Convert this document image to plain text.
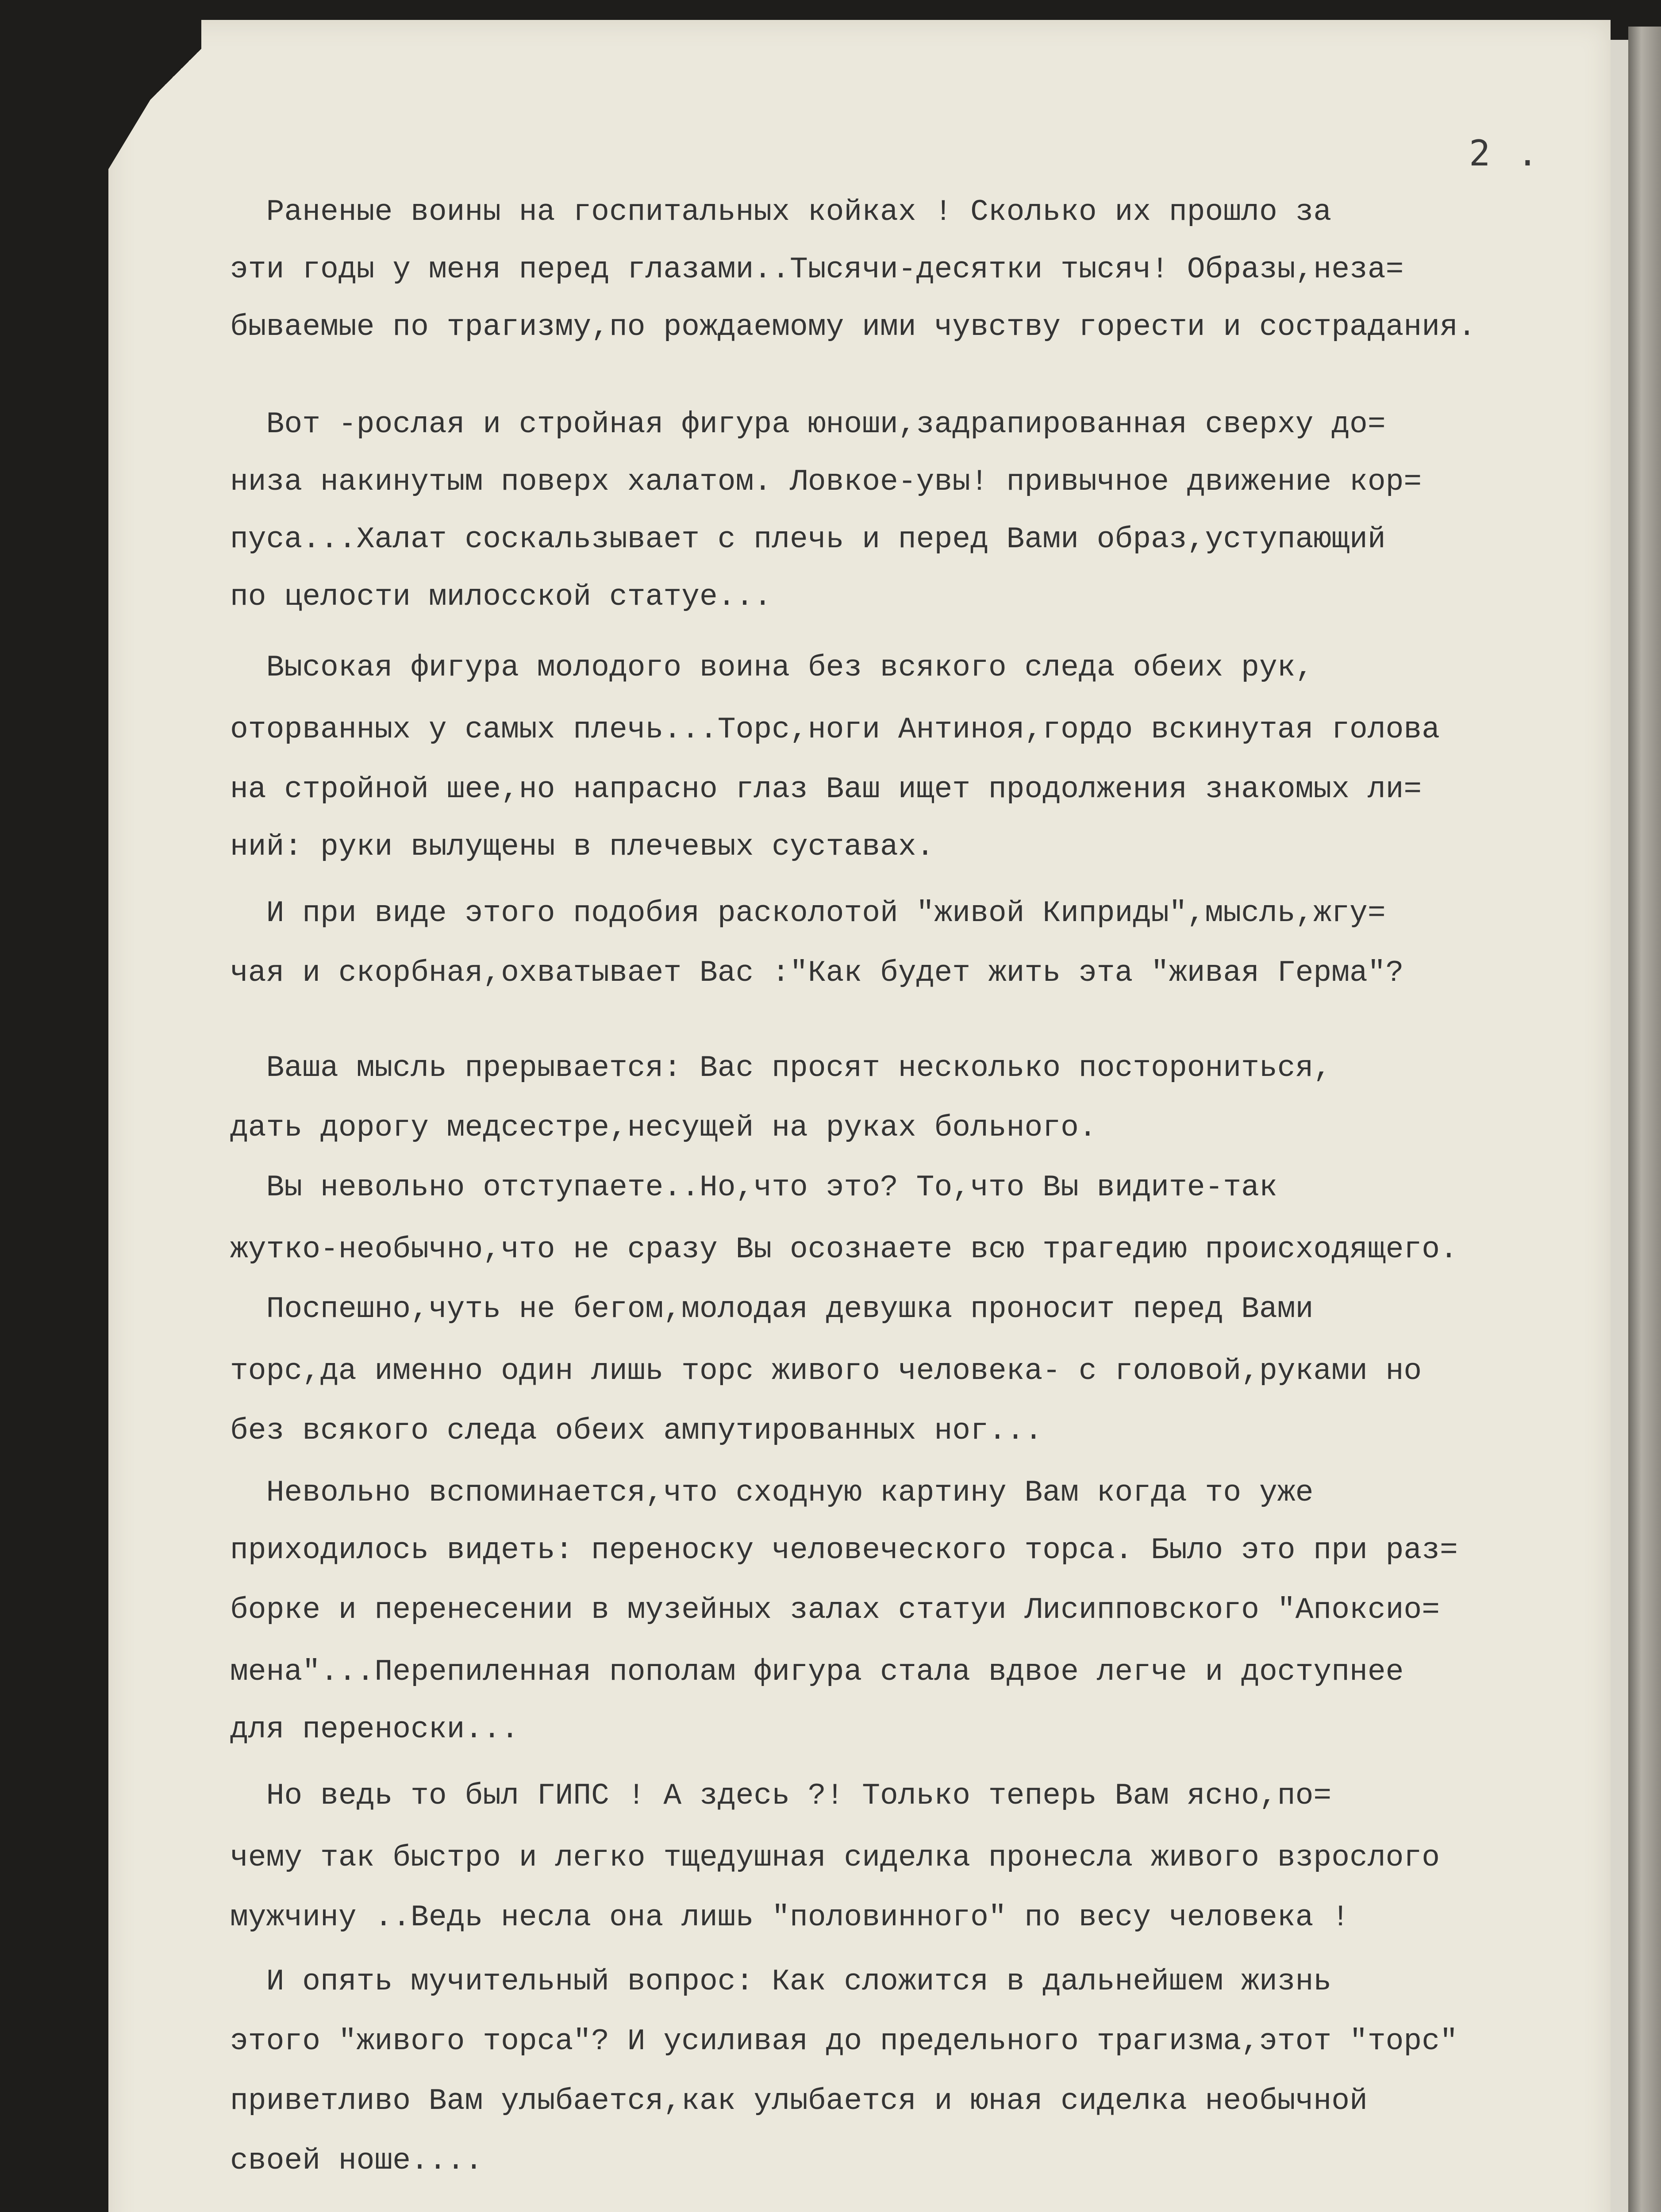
2 .

Раненые воины на госпитальных койках ! Сколько их прошло за

эти годы у меня перед глазами..Тысячи-десятки тысяч! Образы,неза=

бываемые по трагизму,по рождаемому ими чувству горести и сострадания.

Вот -рослая и стройная фигура юноши,задрапированная сверху до=

низа накинутым поверх халатом. Ловкое-увы! привычное движение кор=

пуса...Халат соскальзывает с плечь и перед Вами образ,уступающий

по целости милосской статуе...

Высокая фигура молодого воина без всякого следа обеих рук,

оторванных у самых плечь...Торс,ноги Антиноя,гордо вскинутая голова

на стройной шее,но напрасно глаз Ваш ищет продолжения знакомых ли=

ний: руки вылущены в плечевых суставах.

И при виде этого подобия расколотой "живой Киприды",мысль,жгу=

чая и скорбная,охватывает Вас :"Как будет жить эта "живая Герма"?

Ваша мысль прерывается: Вас просят несколько посторониться,

дать дорогу медсестре,несущей на руках больного.

Вы невольно отступаете..Но,что это? То,что Вы видите-так

жутко-необычно,что не сразу Вы осознаете всю трагедию происходящего.

Поспешно,чуть не бегом,молодая девушка проносит перед Вами

торс,да именно один лишь торс живого человека- с головой,руками но

без всякого следа обеих ампутированных ног...

Невольно вспоминается,что сходную картину Вам когда то уже

приходилось видеть: переноску человеческого торса. Было это при раз=

борке и перенесении в музейных залах статуи Лисипповского "Апоксио=

мена"...Перепиленная пополам фигура стала вдвое легче и доступнее

для переноски...

Но ведь то был ГИПС ! А здесь ?! Только теперь Вам ясно,по=

чему так быстро и легко тщедушная сиделка пронесла живого взрослого

мужчину ..Ведь несла она лишь "половинного" по весу человека !

И опять мучительный вопрос: Как сложится в дальнейшем жизнь

этого "живого торса"? И усиливая до предельного трагизма,этот "торс"

приветливо Вам улыбается,как улыбается и юная сиделка необычной

своей ноше....
